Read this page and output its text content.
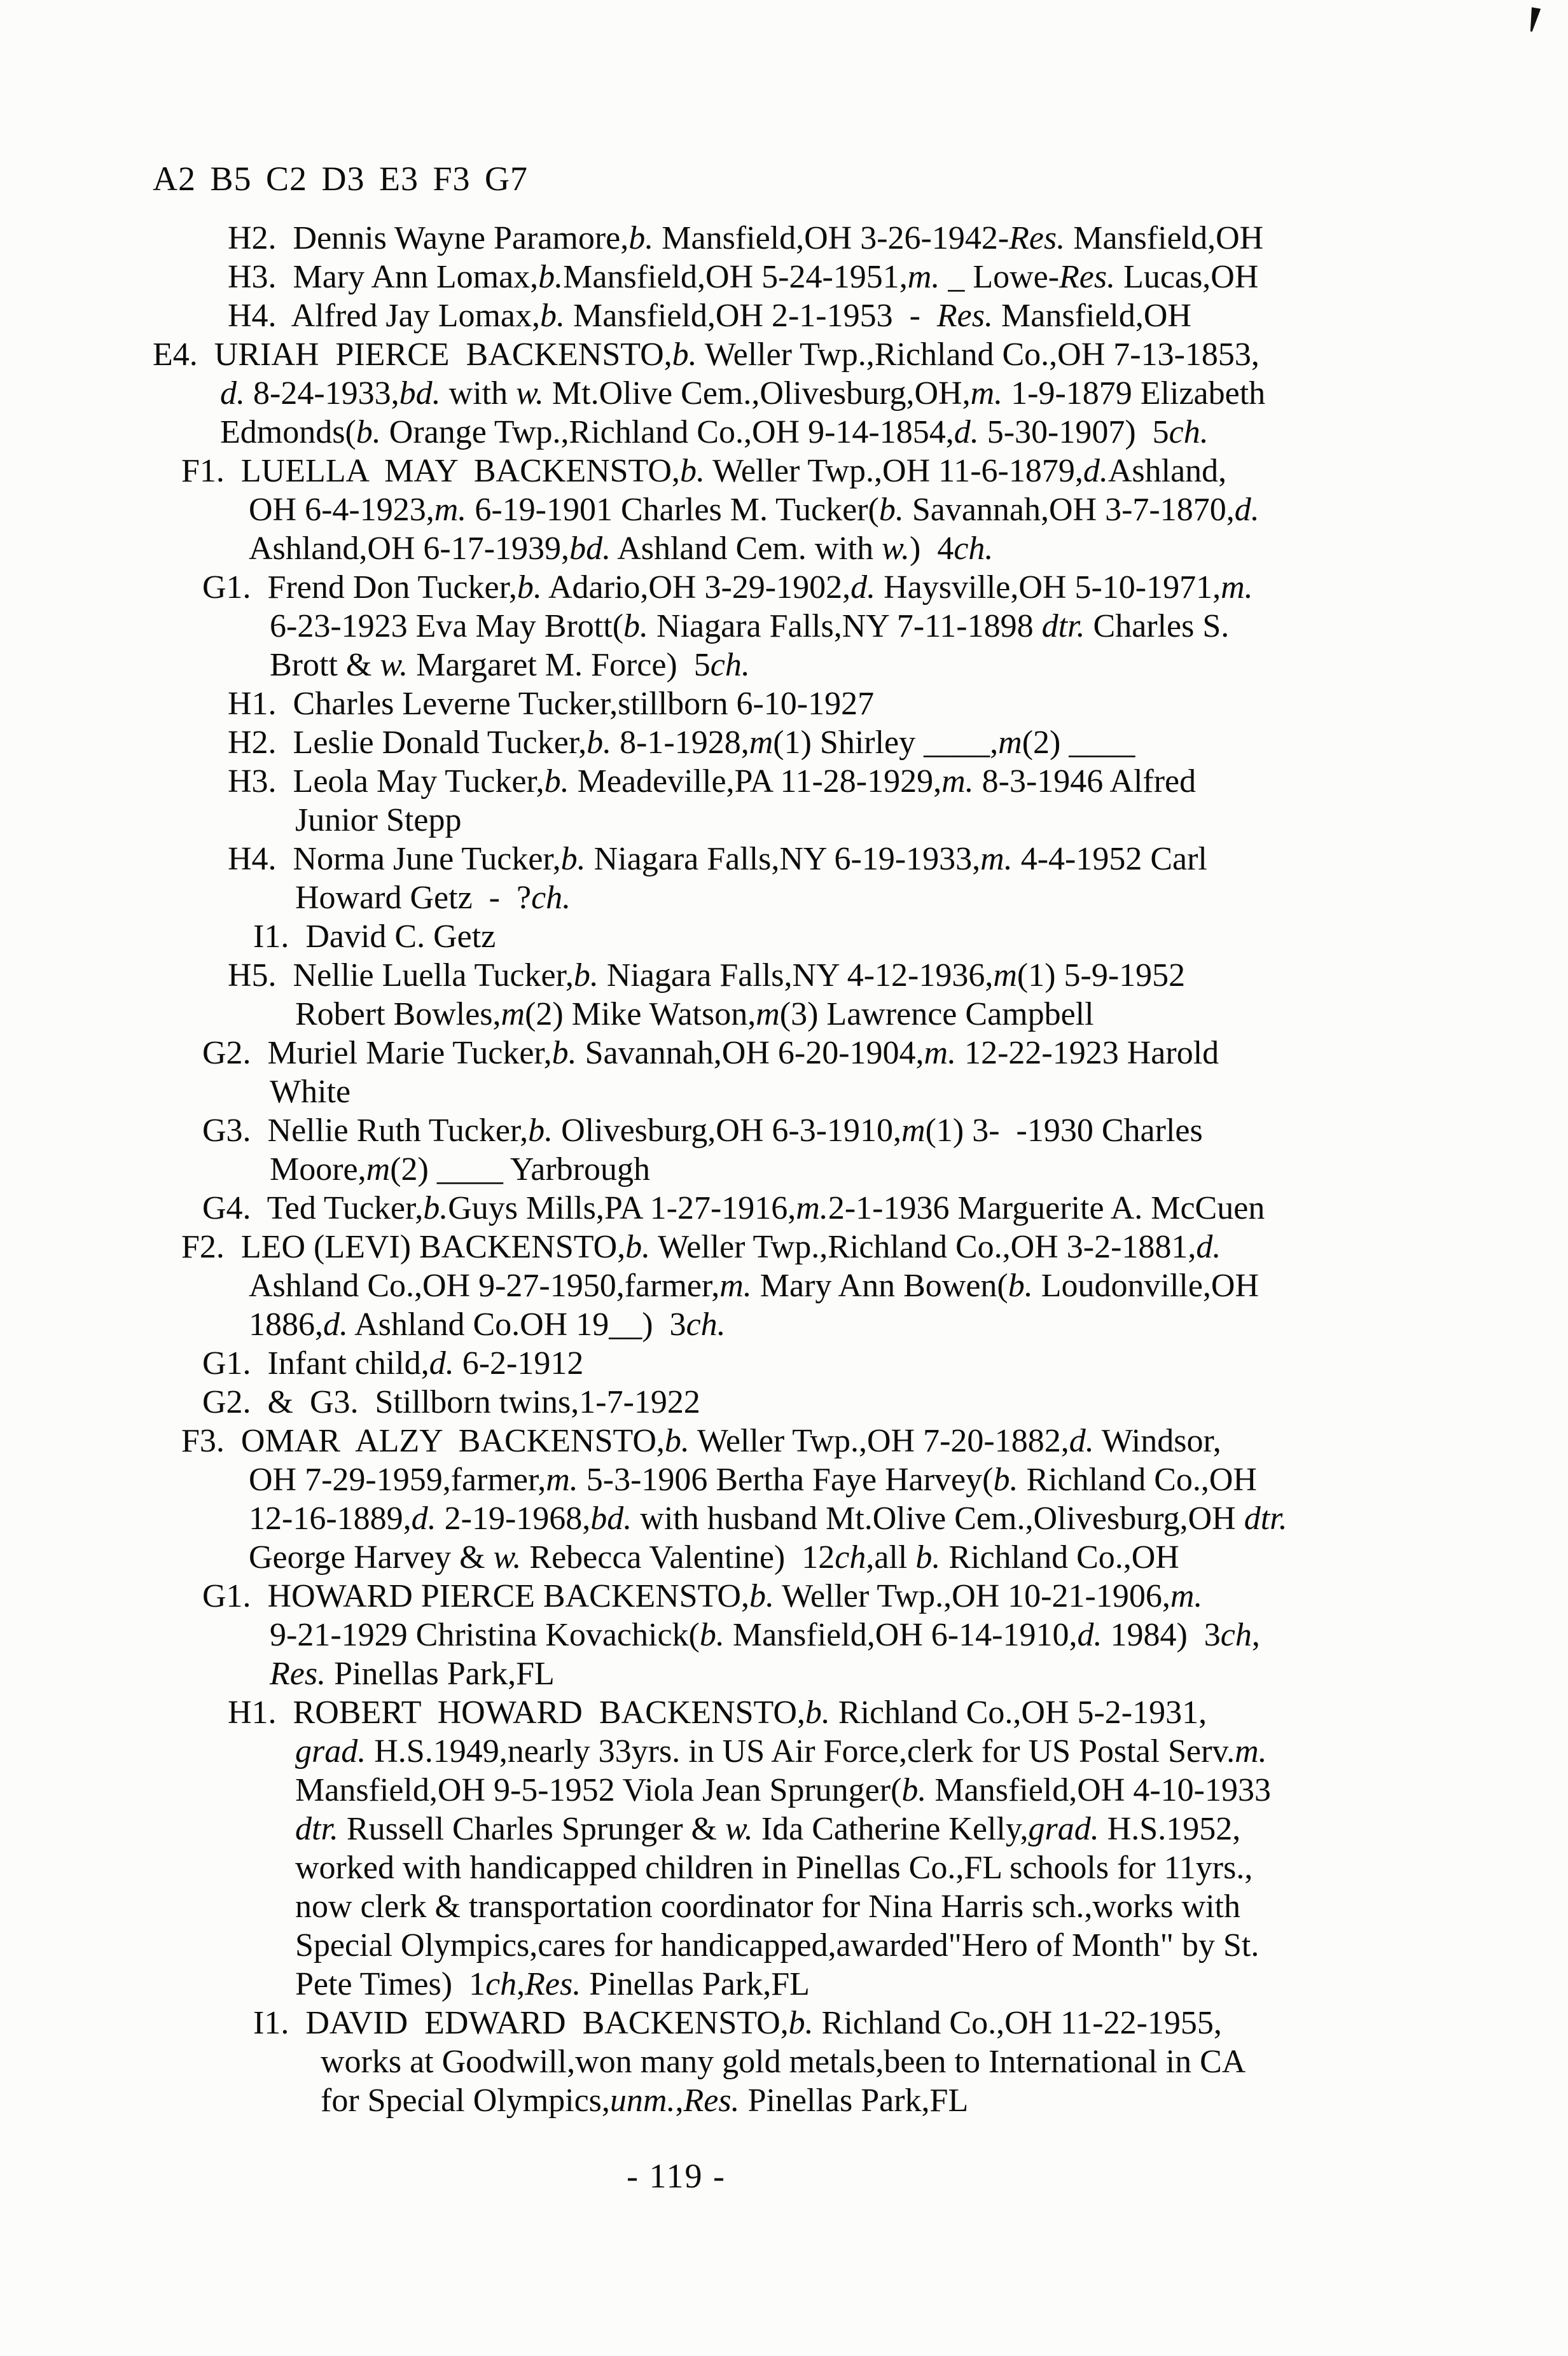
A2 B5 C2 D3 E3 F3 G7
H2.  Dennis Wayne Paramore,b. Mansfield,OH 3-26-1942-Res. Mansfield,OH
H3.  Mary Ann Lomax,b.Mansfield,OH 5-24-1951,m. _ Lowe-Res. Lucas,OH
H4.  Alfred Jay Lomax,b. Mansfield,OH 2-1-1953  -  Res. Mansfield,OH
E4.  URIAH  PIERCE  BACKENSTO,b. Weller Twp.,Richland Co.,OH 7-13-1853,
d. 8-24-1933,bd. with w. Mt.Olive Cem.,Olivesburg,OH,m. 1-9-1879 Elizabeth
Edmonds(b. Orange Twp.,Richland Co.,OH 9-14-1854,d. 5-30-1907)  5ch.
F1.  LUELLA  MAY  BACKENSTO,b. Weller Twp.,OH 11-6-1879,d.Ashland,
OH 6-4-1923,m. 6-19-1901 Charles M. Tucker(b. Savannah,OH 3-7-1870,d.
Ashland,OH 6-17-1939,bd. Ashland Cem. with w.)  4ch.
G1.  Frend Don Tucker,b. Adario,OH 3-29-1902,d. Haysville,OH 5-10-1971,m.
6-23-1923 Eva May Brott(b. Niagara Falls,NY 7-11-1898 dtr. Charles S.
Brott & w. Margaret M. Force)  5ch.
H1.  Charles Leverne Tucker,stillborn 6-10-1927
H2.  Leslie Donald Tucker,b. 8-1-1928,m(1) Shirley ____,m(2) ____
H3.  Leola May Tucker,b. Meadeville,PA 11-28-1929,m. 8-3-1946 Alfred
Junior Stepp
H4.  Norma June Tucker,b. Niagara Falls,NY 6-19-1933,m. 4-4-1952 Carl
Howard Getz  -  ?ch.
I1.  David C. Getz
H5.  Nellie Luella Tucker,b. Niagara Falls,NY 4-12-1936,m(1) 5-9-1952
Robert Bowles,m(2) Mike Watson,m(3) Lawrence Campbell
G2.  Muriel Marie Tucker,b. Savannah,OH 6-20-1904,m. 12-22-1923 Harold
White
G3.  Nellie Ruth Tucker,b. Olivesburg,OH 6-3-1910,m(1) 3-  -1930 Charles
Moore,m(2) ____ Yarbrough
G4.  Ted Tucker,b.Guys Mills,PA 1-27-1916,m.2-1-1936 Marguerite A. McCuen
F2.  LEO (LEVI) BACKENSTO,b. Weller Twp.,Richland Co.,OH 3-2-1881,d.
Ashland Co.,OH 9-27-1950,farmer,m. Mary Ann Bowen(b. Loudonville,OH
1886,d. Ashland Co.OH 19__)  3ch.
G1.  Infant child,d. 6-2-1912
G2.  &  G3.  Stillborn twins,1-7-1922
F3.  OMAR  ALZY  BACKENSTO,b. Weller Twp.,OH 7-20-1882,d. Windsor,
OH 7-29-1959,farmer,m. 5-3-1906 Bertha Faye Harvey(b. Richland Co.,OH
12-16-1889,d. 2-19-1968,bd. with husband Mt.Olive Cem.,Olivesburg,OH dtr.
George Harvey & w. Rebecca Valentine)  12ch,all b. Richland Co.,OH
G1.  HOWARD PIERCE BACKENSTO,b. Weller Twp.,OH 10-21-1906,m.
9-21-1929 Christina Kovachick(b. Mansfield,OH 6-14-1910,d. 1984)  3ch,
Res. Pinellas Park,FL
H1.  ROBERT  HOWARD  BACKENSTO,b. Richland Co.,OH 5-2-1931,
grad. H.S.1949,nearly 33yrs. in US Air Force,clerk for US Postal Serv.m.
Mansfield,OH 9-5-1952 Viola Jean Sprunger(b. Mansfield,OH 4-10-1933
dtr. Russell Charles Sprunger & w. Ida Catherine Kelly,grad. H.S.1952,
worked with handicapped children in Pinellas Co.,FL schools for 11yrs.,
now clerk & transportation coordinator for Nina Harris sch.,works with
Special Olympics,cares for handicapped,awarded"Hero of Month" by St.
Pete Times)  1ch,Res. Pinellas Park,FL
I1.  DAVID  EDWARD  BACKENSTO,b. Richland Co.,OH 11-22-1955,
works at Goodwill,won many gold metals,been to International in CA
for Special Olympics,unm.,Res. Pinellas Park,FL
- 119 -
